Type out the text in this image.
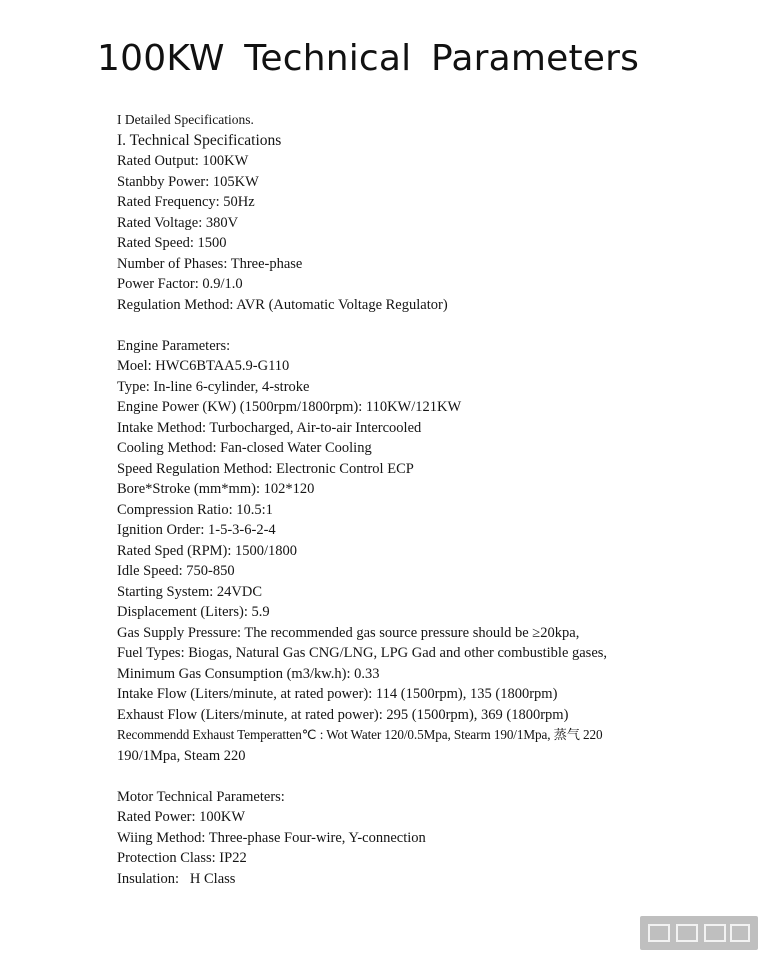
100KW Technical Parameters
I Detailed Specifications.
I. Technical Specifications
Rated Output: 100KW
Stanbby Power: 105KW
Rated Frequency: 50Hz
Rated Voltage: 380V
Rated Speed: 1500
Number of Phases: Three-phase
Power Factor: 0.9/1.0
Regulation Method: AVR (Automatic Voltage Regulator)
Engine Parameters:
Moel: HWC6BTAA5.9-G110
Type: In-line 6-cylinder, 4-stroke
Engine Power (KW) (1500rpm/1800rpm): 110KW/121KW
Intake Method: Turbocharged, Air-to-air Intercooled
Cooling Method: Fan-closed Water Cooling
Speed Regulation Method: Electronic Control ECP
Bore*Stroke (mm*mm): 102*120
Compression Ratio: 10.5:1
Ignition Order: 1-5-3-6-2-4
Rated Sped (RPM): 1500/1800
Idle Speed: 750-850
Starting System: 24VDC
Displacement (Liters): 5.9
Gas Supply Pressure: The recommended gas source pressure should be ≥20kpa,
Fuel Types: Biogas, Natural Gas CNG/LNG, LPG Gad and other combustible gases,
Minimum Gas Consumption (m3/kw.h): 0.33
Intake Flow (Liters/minute, at rated power): 114 (1500rpm), 135 (1800rpm)
Exhaust Flow (Liters/minute, at rated power): 295 (1500rpm), 369 (1800rpm)
Recommendd Exhaust Temperatten℃ : Wot Water 120/0.5Mpa, Stearm 190/1Mpa, 蒸气 220
190/1Mpa, Steam 220
Motor Technical Parameters:
Rated Power: 100KW
Wiing Method: Three-phase Four-wire, Y-connection
Protection Class: IP22
Insulation:   H Class
